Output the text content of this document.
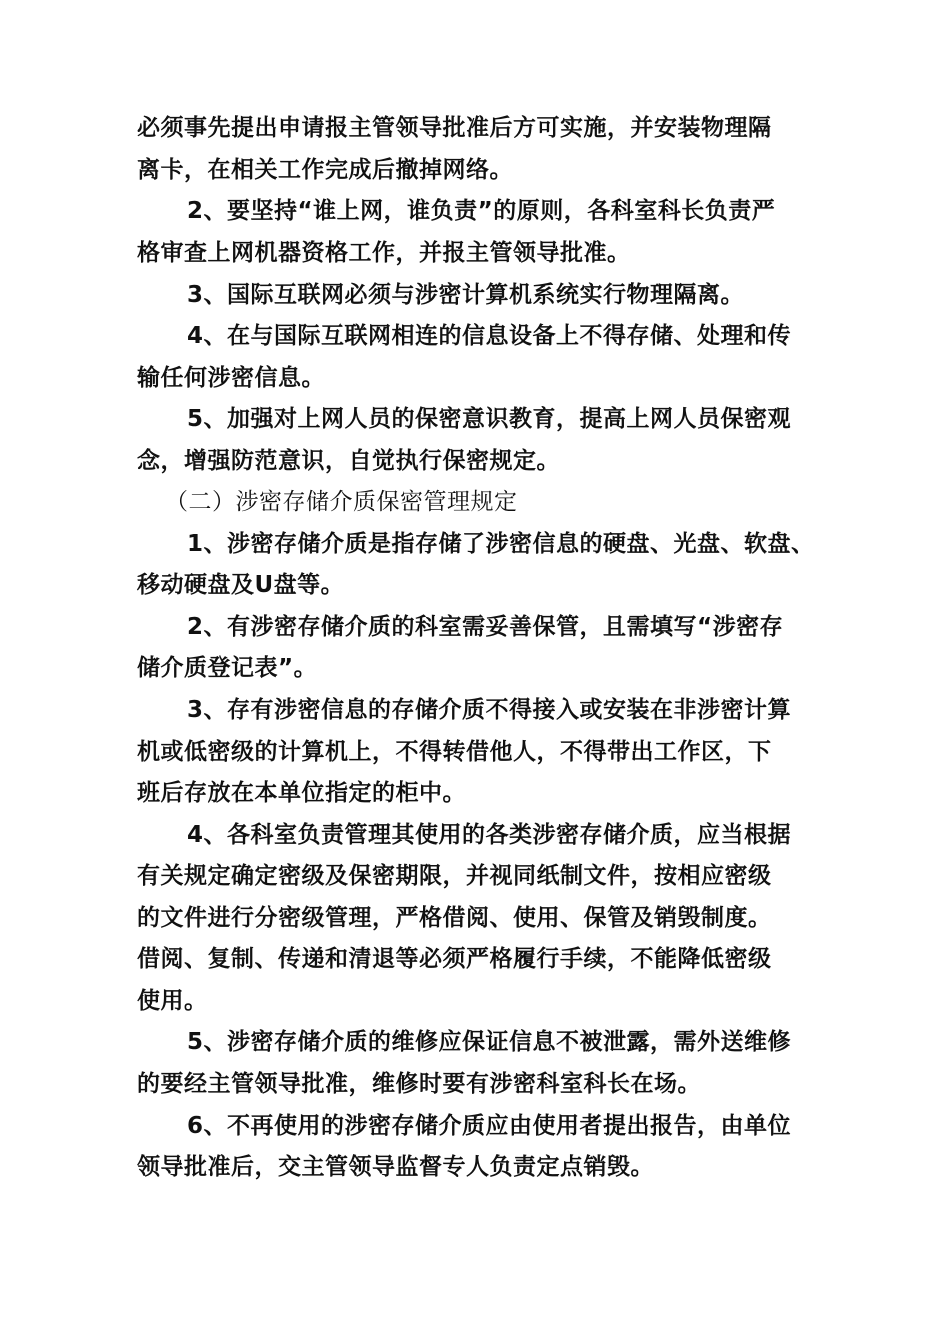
必须事先提出申请报主管领导批准后方可实施，并安装物理隔
离卡，在相关工作完成后撤掉网络。
2、要坚持“谁上网，谁负责”的原则，各科室科长负责严
格审查上网机器资格工作，并报主管领导批准。
3、国际互联网必须与涉密计算机系统实行物理隔离。
4、在与国际互联网相连的信息设备上不得存储、处理和传
输任何涉密信息。
5、加强对上网人员的保密意识教育，提高上网人员保密观
念，增强防范意识，自觉执行保密规定。
（二）涉密存储介质保密管理规定
1、涉密存储介质是指存储了涉密信息的硬盘、光盘、软盘、
移动硬盘及U盘等。
2、有涉密存储介质的科室需妥善保管，且需填写“涉密存
储介质登记表”。
3、存有涉密信息的存储介质不得接入或安装在非涉密计算
机或低密级的计算机上，不得转借他人，不得带出工作区，下
班后存放在本单位指定的柜中。
4、各科室负责管理其使用的各类涉密存储介质，应当根据
有关规定确定密级及保密期限，并视同纸制文件，按相应密级
的文件进行分密级管理，严格借阅、使用、保管及销毁制度。
借阅、复制、传递和清退等必须严格履行手续，不能降低密级
使用。
5、涉密存储介质的维修应保证信息不被泄露，需外送维修
的要经主管领导批准，维修时要有涉密科室科长在场。
6、不再使用的涉密存储介质应由使用者提出报告，由单位
领导批准后，交主管领导监督专人负责定点销毁。
